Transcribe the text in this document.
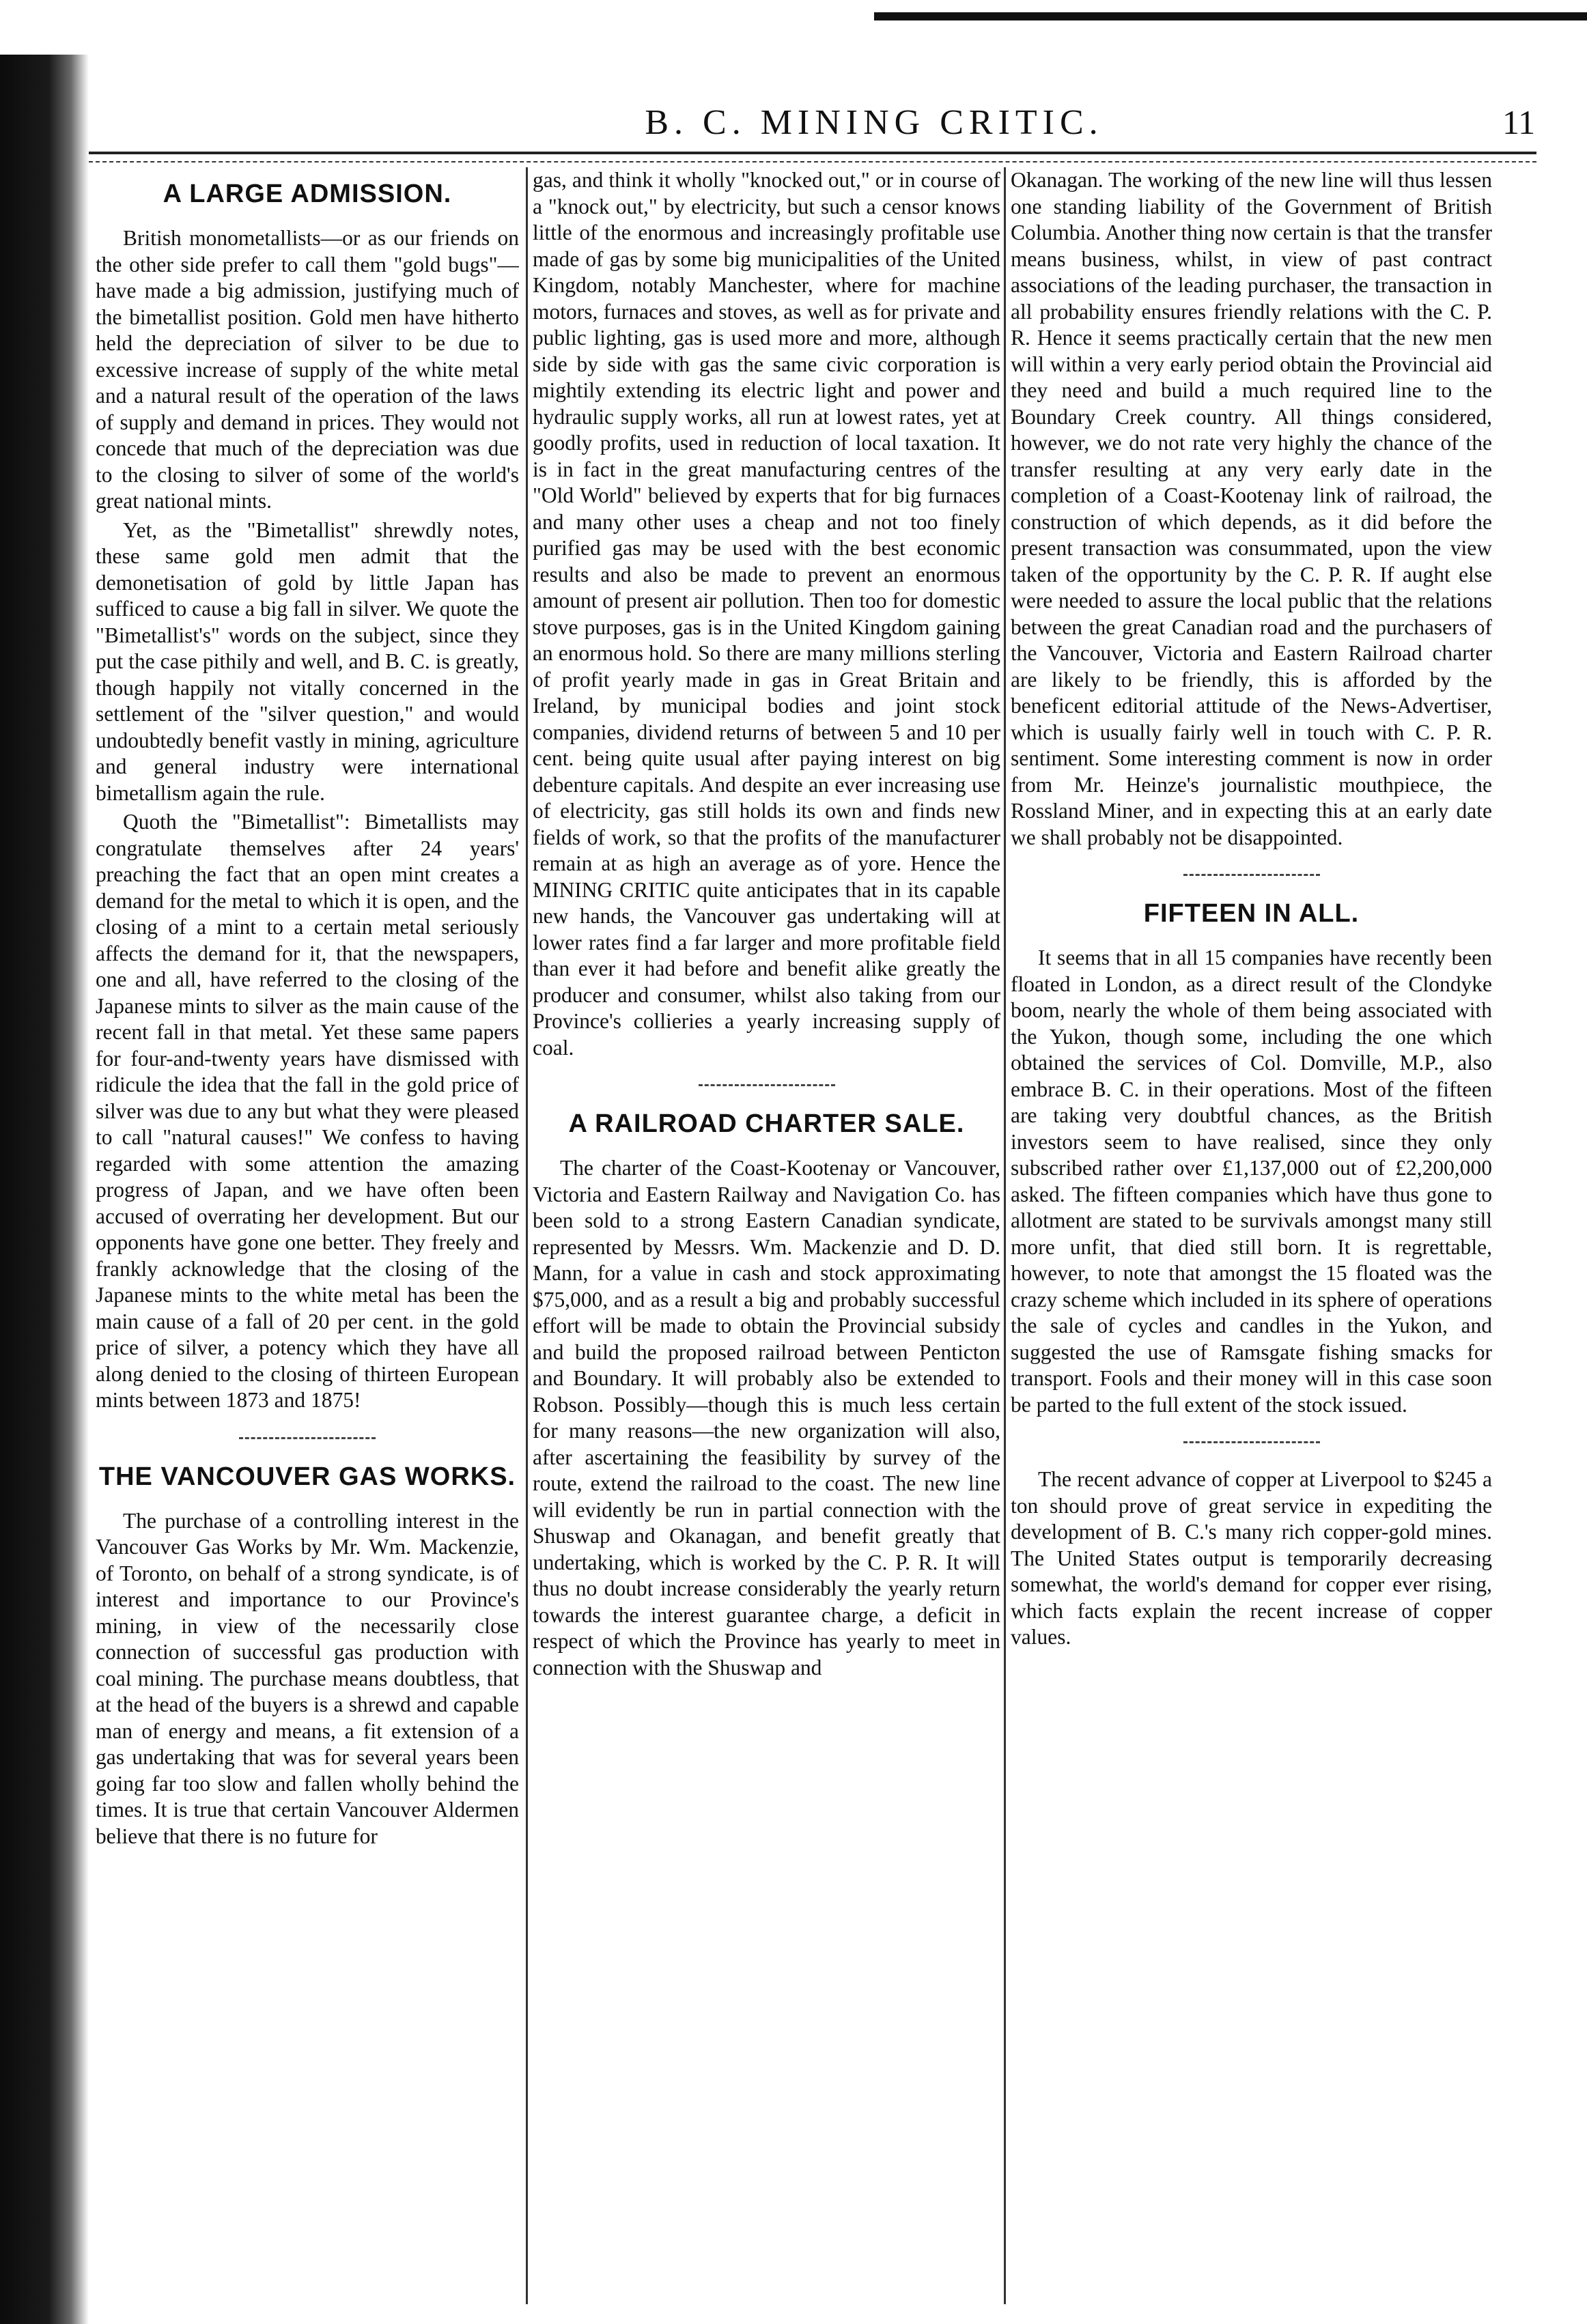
B. C. MINING CRITIC.	11
A LARGE ADMISSION.

British monometallists—or as our friends on the other side prefer to call them "gold bugs"—have made a big admission, justifying much of the bimetallist position. Gold men have hitherto held the depreciation of silver to be due to excessive increase of supply of the white metal and a natural result of the operation of the laws of supply and demand in prices. They would not concede that much of the depreciation was due to the closing to silver of some of the world's great national mints.

Yet, as the "Bimetallist" shrewdly notes, these same gold men admit that the demonetisation of gold by little Japan has sufficed to cause a big fall in silver. We quote the "Bimetallist's" words on the subject, since they put the case pithily and well, and B. C. is greatly, though happily not vitally concerned in the settlement of the "silver question," and would undoubtedly benefit vastly in mining, agriculture and general industry were international bimetallism again the rule.

Quoth the "Bimetallist": Bimetallists may congratulate themselves after 24 years' preaching the fact that an open mint creates a demand for the metal to which it is open, and the closing of a mint to a certain metal seriously affects the demand for it, that the newspapers, one and all, have referred to the closing of the Japanese mints to silver as the main cause of the recent fall in that metal. Yet these same papers for four-and-twenty years have dismissed with ridicule the idea that the fall in the gold price of silver was due to any but what they were pleased to call "natural causes!" We confess to having regarded with some attention the amazing progress of Japan, and we have often been accused of overrating her development. But our opponents have gone one better. They freely and frankly acknowledge that the closing of the Japanese mints to the white metal has been the main cause of a fall of 20 per cent. in the gold price of silver, a potency which they have all along denied to the closing of thirteen European mints between 1873 and 1875!

THE VANCOUVER GAS WORKS.

The purchase of a controlling interest in the Vancouver Gas Works by Mr. Wm. Mackenzie, of Toronto, on behalf of a strong syndicate, is of interest and importance to our Province's mining, in view of the necessarily close connection of successful gas production with coal mining. The purchase means doubtless, that at the head of the buyers is a shrewd and capable man of energy and means, a fit extension of a gas undertaking that was for several years been going far too slow and fallen wholly behind the times. It is true that certain Vancouver Aldermen believe that there is no future for

gas, and think it wholly "knocked out," or in course of a "knock out," by electricity, but such a censor knows little of the enormous and increasingly profitable use made of gas by some big municipalities of the United Kingdom, notably Manchester, where for machine motors, furnaces and stoves, as well as for private and public lighting, gas is used more and more, although side by side with gas the same civic corporation is mightily extending its electric light and power and hydraulic supply works, all run at lowest rates, yet at goodly profits, used in reduction of local taxation. It is in fact in the great manufacturing centres of the "Old World" believed by experts that for big furnaces and many other uses a cheap and not too finely purified gas may be used with the best economic results and also be made to prevent an enormous amount of present air pollution. Then too for domestic stove purposes, gas is in the United Kingdom gaining an enormous hold. So there are many millions sterling of profit yearly made in gas in Great Britain and Ireland, by municipal bodies and joint stock companies, dividend returns of between 5 and 10 per cent. being quite usual after paying interest on big debenture capitals. And despite an ever increasing use of electricity, gas still holds its own and finds new fields of work, so that the profits of the manufacturer remain at as high an average as of yore. Hence the MINING CRITIC quite anticipates that in its capable new hands, the Vancouver gas undertaking will at lower rates find a far larger and more profitable field than ever it had before and benefit alike greatly the producer and consumer, whilst also taking from our Province's collieries a yearly increasing supply of coal.

A RAILROAD CHARTER SALE.

The charter of the Coast-Kootenay or Vancouver, Victoria and Eastern Railway and Navigation Co. has been sold to a strong Eastern Canadian syndicate, represented by Messrs. Wm. Mackenzie and D. D. Mann, for a value in cash and stock approximating $75,000, and as a result a big and probably successful effort will be made to obtain the Provincial subsidy and build the proposed railroad between Penticton and Boundary. It will probably also be extended to Robson. Possibly—though this is much less certain for many reasons—the new organization will also, after ascertaining the feasibility by survey of the route, extend the railroad to the coast. The new line will evidently be run in partial connection with the Shuswap and Okanagan, and benefit greatly that undertaking, which is worked by the C. P. R. It will thus no doubt increase considerably the yearly return towards the interest guarantee charge, a deficit in respect of which the Province has yearly to meet in connection with the Shuswap and

Okanagan. The working of the new line will thus lessen one standing liability of the Government of British Columbia. Another thing now certain is that the transfer means business, whilst, in view of past contract associations of the leading purchaser, the transaction in all probability ensures friendly relations with the C. P. R. Hence it seems practically certain that the new men will within a very early period obtain the Provincial aid they need and build a much required line to the Boundary Creek country. All things considered, however, we do not rate very highly the chance of the transfer resulting at any very early date in the completion of a Coast-Kootenay link of railroad, the construction of which depends, as it did before the present transaction was consummated, upon the view taken of the opportunity by the C. P. R. If aught else were needed to assure the local public that the relations between the great Canadian road and the purchasers of the Vancouver, Victoria and Eastern Railroad charter are likely to be friendly, this is afforded by the beneficent editorial attitude of the News-Advertiser, which is usually fairly well in touch with C. P. R. sentiment. Some interesting comment is now in order from Mr. Heinze's journalistic mouthpiece, the Rossland Miner, and in expecting this at an early date we shall probably not be disappointed.

FIFTEEN IN ALL.

It seems that in all 15 companies have recently been floated in London, as a direct result of the Clondyke boom, nearly the whole of them being associated with the Yukon, though some, including the one which obtained the services of Col. Domville, M.P., also embrace B. C. in their operations. Most of the fifteen are taking very doubtful chances, as the British investors seem to have realised, since they only subscribed rather over £1,137,000 out of £2,200,000 asked. The fifteen companies which have thus gone to allotment are stated to be survivals amongst many still more unfit, that died still born. It is regrettable, however, to note that amongst the 15 floated was the crazy scheme which included in its sphere of operations the sale of cycles and candles in the Yukon, and suggested the use of Ramsgate fishing smacks for transport. Fools and their money will in this case soon be parted to the full extent of the stock issued.

The recent advance of copper at Liverpool to $245 a ton should prove of great service in expediting the development of B. C.'s many rich copper-gold mines. The United States output is temporarily decreasing somewhat, the world's demand for copper ever rising, which facts explain the recent increase of copper values.
